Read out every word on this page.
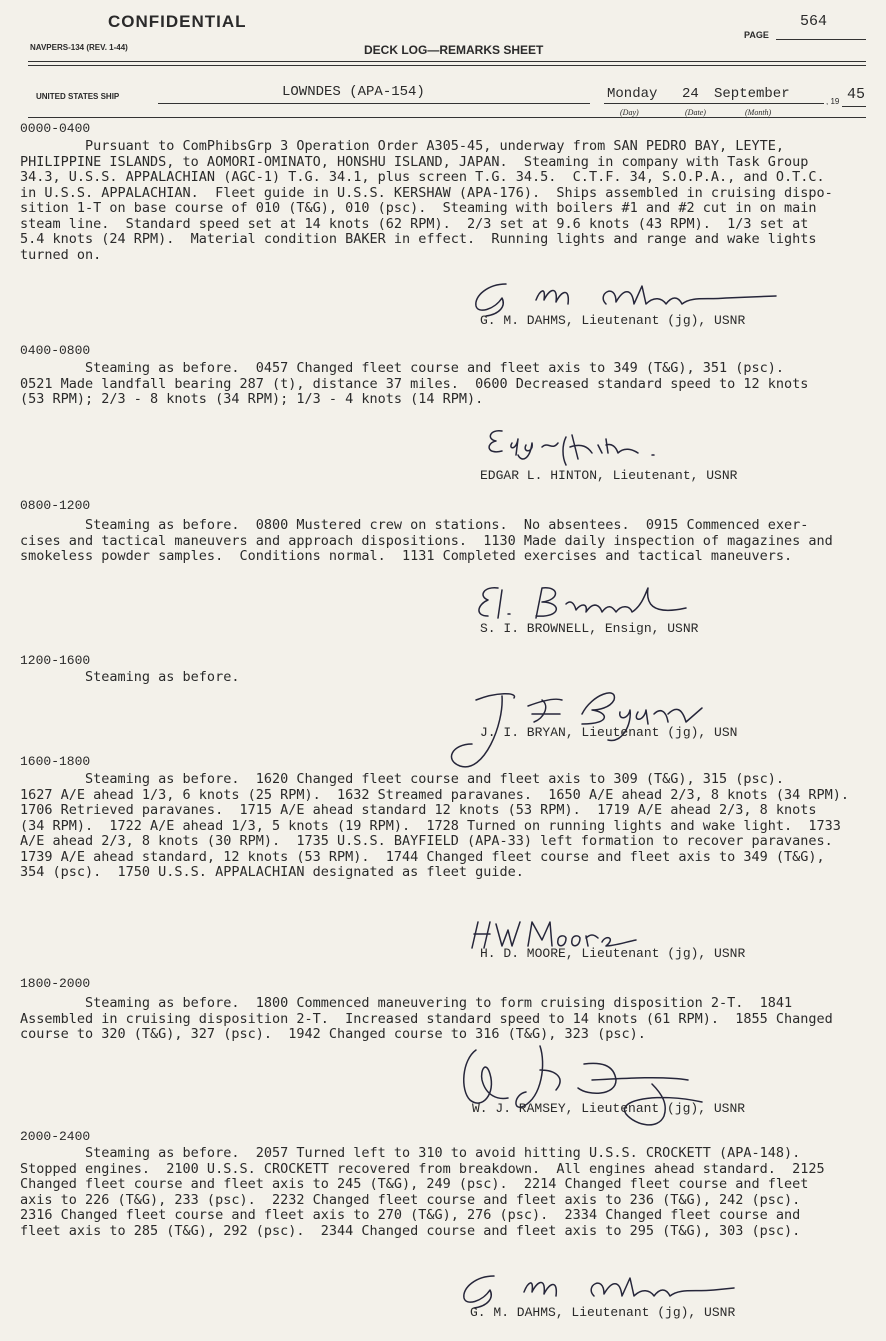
CONFIDENTIAL	564
PAGE
NAVPERS-134 (REV. 1-44)	DECK LOG—REMARKS SHEET
UNITED STATES SHIP	LOWNDES (APA-154)	Monday 24 September
(Day)	(Date)	(Month)
, 19 45
0000-0400
Pursuant to ComPhibsGrp 3 Operation Order A305-45, underway from SAN PEDRO BAY, LEYTE,
PHILIPPINE ISLANDS, to AOMORI-OMINATO, HONSHU ISLAND, JAPAN.  Steaming in company with Task Group
34.3, U.S.S. APPALACHIAN (AGC-1) T.G. 34.1, plus screen T.G. 34.5.  C.T.F. 34, S.O.P.A., and O.T.C.
in U.S.S. APPALACHIAN.  Fleet guide in U.S.S. KERSHAW (APA-176).  Ships assembled in cruising dispo-
sition 1-T on base course of 010 (T&G), 010 (psc).  Steaming with boilers #1 and #2 cut in on main
steam line.  Standard speed set at 14 knots (62 RPM).  2/3 set at 9.6 knots (43 RPM).  1/3 set at
5.4 knots (24 RPM).  Material condition BAKER in effect.  Running lights and range and wake lights
turned on.
G. M. DAHMS, Lieutenant (jg), USNR
0400-0800
Steaming as before.  0457 Changed fleet course and fleet axis to 349 (T&G), 351 (psc).
0521 Made landfall bearing 287 (t), distance 37 miles.  0600 Decreased standard speed to 12 knots
(53 RPM); 2/3 - 8 knots (34 RPM); 1/3 - 4 knots (14 RPM).
EDGAR L. HINTON, Lieutenant, USNR
0800-1200
Steaming as before.  0800 Mustered crew on stations.  No absentees.  0915 Commenced exer-
cises and tactical maneuvers and approach dispositions.  1130 Made daily inspection of magazines and
smokeless powder samples.  Conditions normal.  1131 Completed exercises and tactical maneuvers.
S. I. BROWNELL, Ensign, USNR
1200-1600
Steaming as before.
J. I. BRYAN, Lieutenant (jg), USN
1600-1800
Steaming as before.  1620 Changed fleet course and fleet axis to 309 (T&G), 315 (psc).
1627 A/E ahead 1/3, 6 knots (25 RPM).  1632 Streamed paravanes.  1650 A/E ahead 2/3, 8 knots (34 RPM).
1706 Retrieved paravanes.  1715 A/E ahead standard 12 knots (53 RPM).  1719 A/E ahead 2/3, 8 knots
(34 RPM).  1722 A/E ahead 1/3, 5 knots (19 RPM).  1728 Turned on running lights and wake light.  1733
A/E ahead 2/3, 8 knots (30 RPM).  1735 U.S.S. BAYFIELD (APA-33) left formation to recover paravanes.
1739 A/E ahead standard, 12 knots (53 RPM).  1744 Changed fleet course and fleet axis to 349 (T&G),
354 (psc).  1750 U.S.S. APPALACHIAN designated as fleet guide.
H. D. MOORE, Lieutenant (jg), USNR
1800-2000
Steaming as before.  1800 Commenced maneuvering to form cruising disposition 2-T.  1841
Assembled in cruising disposition 2-T.  Increased standard speed to 14 knots (61 RPM).  1855 Changed
course to 320 (T&G), 327 (psc).  1942 Changed course to 316 (T&G), 323 (psc).
W. J. RAMSEY, Lieutenant (jg), USNR
2000-2400
Steaming as before.  2057 Turned left to 310 to avoid hitting U.S.S. CROCKETT (APA-148).
Stopped engines.  2100 U.S.S. CROCKETT recovered from breakdown.  All engines ahead standard.  2125
Changed fleet course and fleet axis to 245 (T&G), 249 (psc).  2214 Changed fleet course and fleet
axis to 226 (T&G), 233 (psc).  2232 Changed fleet course and fleet axis to 236 (T&G), 242 (psc).
2316 Changed fleet course and fleet axis to 270 (T&G), 276 (psc).  2334 Changed fleet course and
fleet axis to 285 (T&G), 292 (psc).  2344 Changed course and fleet axis to 295 (T&G), 303 (psc).
G. M. DAHMS, Lieutenant (jg), USNR
